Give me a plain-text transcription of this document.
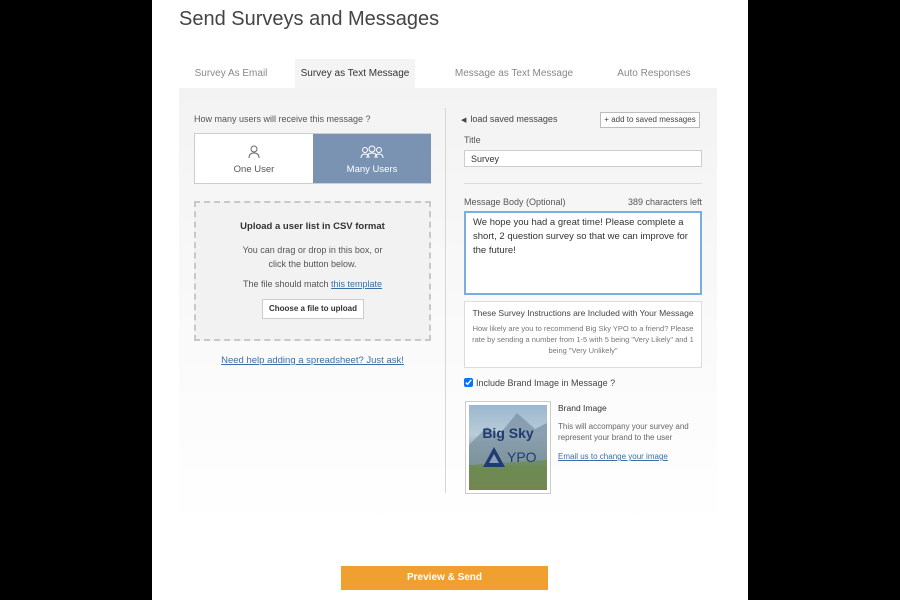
Send Surveys and Messages
Survey As Email	Survey as Text Message	Message as Text Message	Auto Responses
How many users will receive this message ?
One User	Many Users
Upload a user list in CSV format
You can drag or drop in this box, or
click the button below.
The file should match this template
Choose a file to upload
Need help adding a spreadsheet? Just ask!
◀ load saved messages	+ add to saved messages
Title
Survey
Message Body (Optional)	389 characters left
We hope you had a great time! Please complete a short, 2 question survey so that we can improve for the future!
These Survey Instructions are Included with Your Message
How likely are you to recommend Big Sky YPO to a friend? Please rate by sending a number from 1-5 with 5 being "Very Likely" and 1 being "Very Unlikely"
Include Brand Image in Message ?
Big Sky
YPO
Brand Image
This will accompany your survey and represent your brand to the user
Email us to change your image
Preview & Send
